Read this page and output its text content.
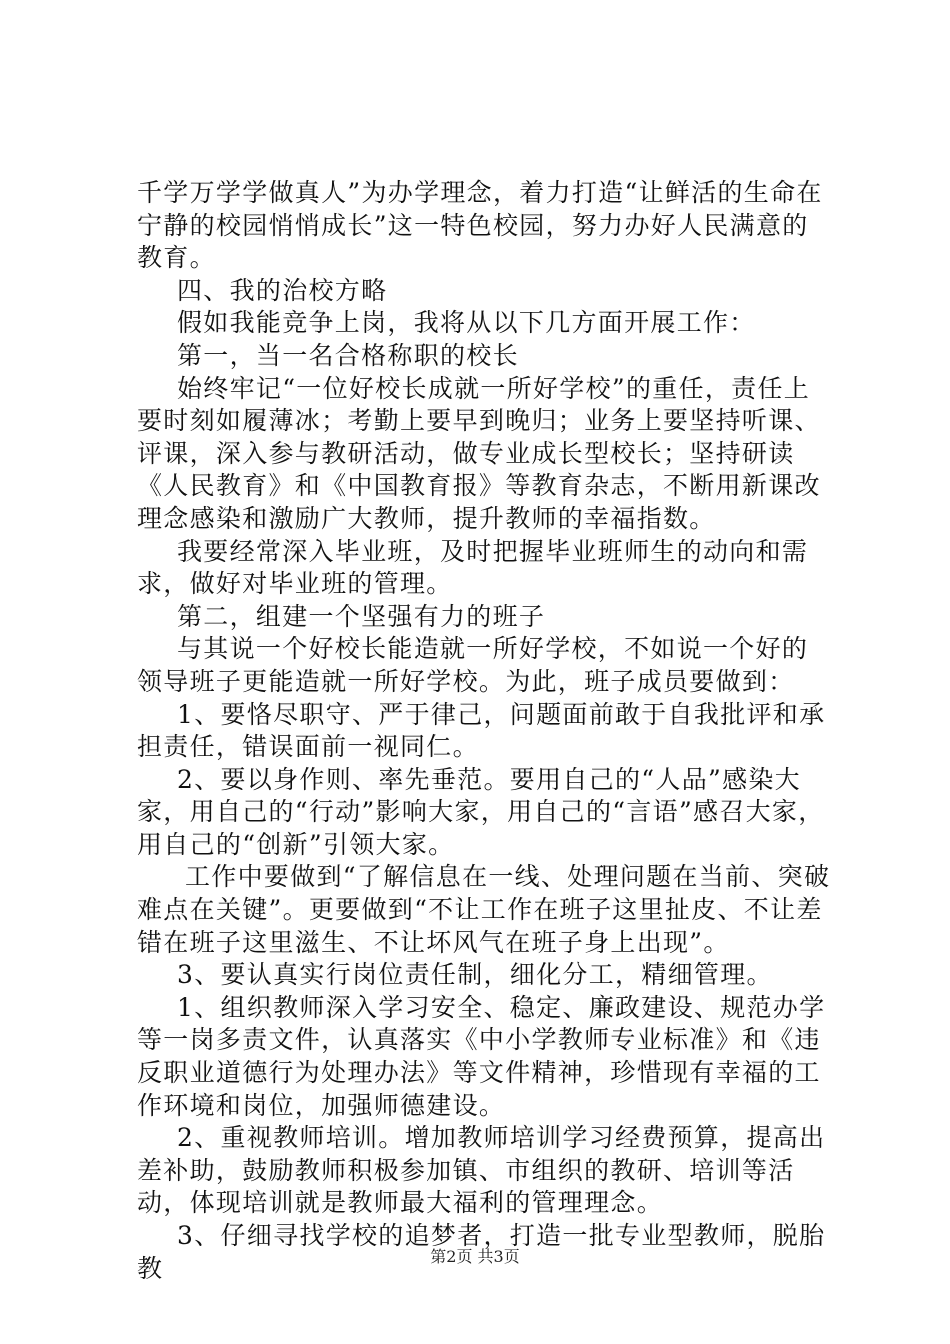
千学万学学做真人”为办学理念，着力打造“让鲜活的生命在宁静的校园悄悄成长”这一特色校园，努力办好人民满意的教育。

四、我的治校方略

假如我能竞争上岗，我将从以下几方面开展工作：

第一，当一名合格称职的校长

始终牢记“一位好校长成就一所好学校”的重任，责任上要时刻如履薄冰；考勤上要早到晚归；业务上要坚持听课、评课，深入参与教研活动，做专业成长型校长；坚持研读《人民教育》和《中国教育报》等教育杂志，不断用新课改理念感染和激励广大教师，提升教师的幸福指数。

我要经常深入毕业班，及时把握毕业班师生的动向和需求，做好对毕业班的管理。

第二，组建一个坚强有力的班子

与其说一个好校长能造就一所好学校，不如说一个好的领导班子更能造就一所好学校。为此，班子成员要做到：

1、要恪尽职守、严于律己，问题面前敢于自我批评和承担责任，错误面前一视同仁。

2、要以身作则、率先垂范。要用自己的“人品”感染大家，用自己的“行动”影响大家，用自己的“言语”感召大家，用自己的“创新”引领大家。

工作中要做到“了解信息在一线、处理问题在当前、突破难点在关键”。更要做到“不让工作在班子这里扯皮、不让差错在班子这里滋生、不让坏风气在班子身上出现”。

3、要认真实行岗位责任制，细化分工，精细管理。

1、组织教师深入学习安全、稳定、廉政建设、规范办学等一岗多责文件，认真落实《中小学教师专业标准》和《违反职业道德行为处理办法》等文件精神，珍惜现有幸福的工作环境和岗位，加强师德建设。

2、重视教师培训。增加教师培训学习经费预算，提高出差补助，鼓励教师积极参加镇、市组织的教研、培训等活动，体现培训就是教师最大福利的管理理念。

3、仔细寻找学校的追梦者，打造一批专业型教师，脱胎教	第2页 共3页
